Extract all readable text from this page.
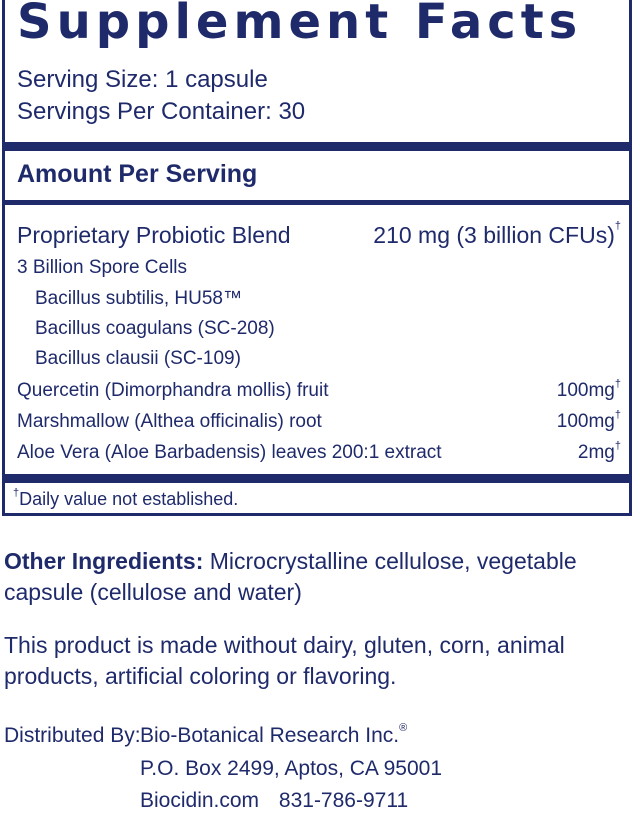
Supplement Facts
Serving Size: 1 capsule
Servings Per Container: 30
Amount Per Serving
Proprietary Probiotic Blend	210 mg (3 billion CFUs)†
3 Billion Spore Cells
Bacillus subtilis, HU58™
Bacillus coagulans (SC-208)
Bacillus clausii (SC-109)
Quercetin (Dimorphandra mollis) fruit	100mg†
Marshmallow (Althea officinalis) root	100mg†
Aloe Vera (Aloe Barbadensis) leaves 200:1 extract	2mg†
†Daily value not established.
Other Ingredients: Microcrystalline cellulose, vegetable capsule (cellulose and water)
This product is made without dairy, gluten, corn, animal products, artificial coloring or flavoring.
Distributed By: Bio-Botanical Research Inc.®
P.O. Box 2499, Aptos, CA 95001
Biocidin.com 831-786-9711
